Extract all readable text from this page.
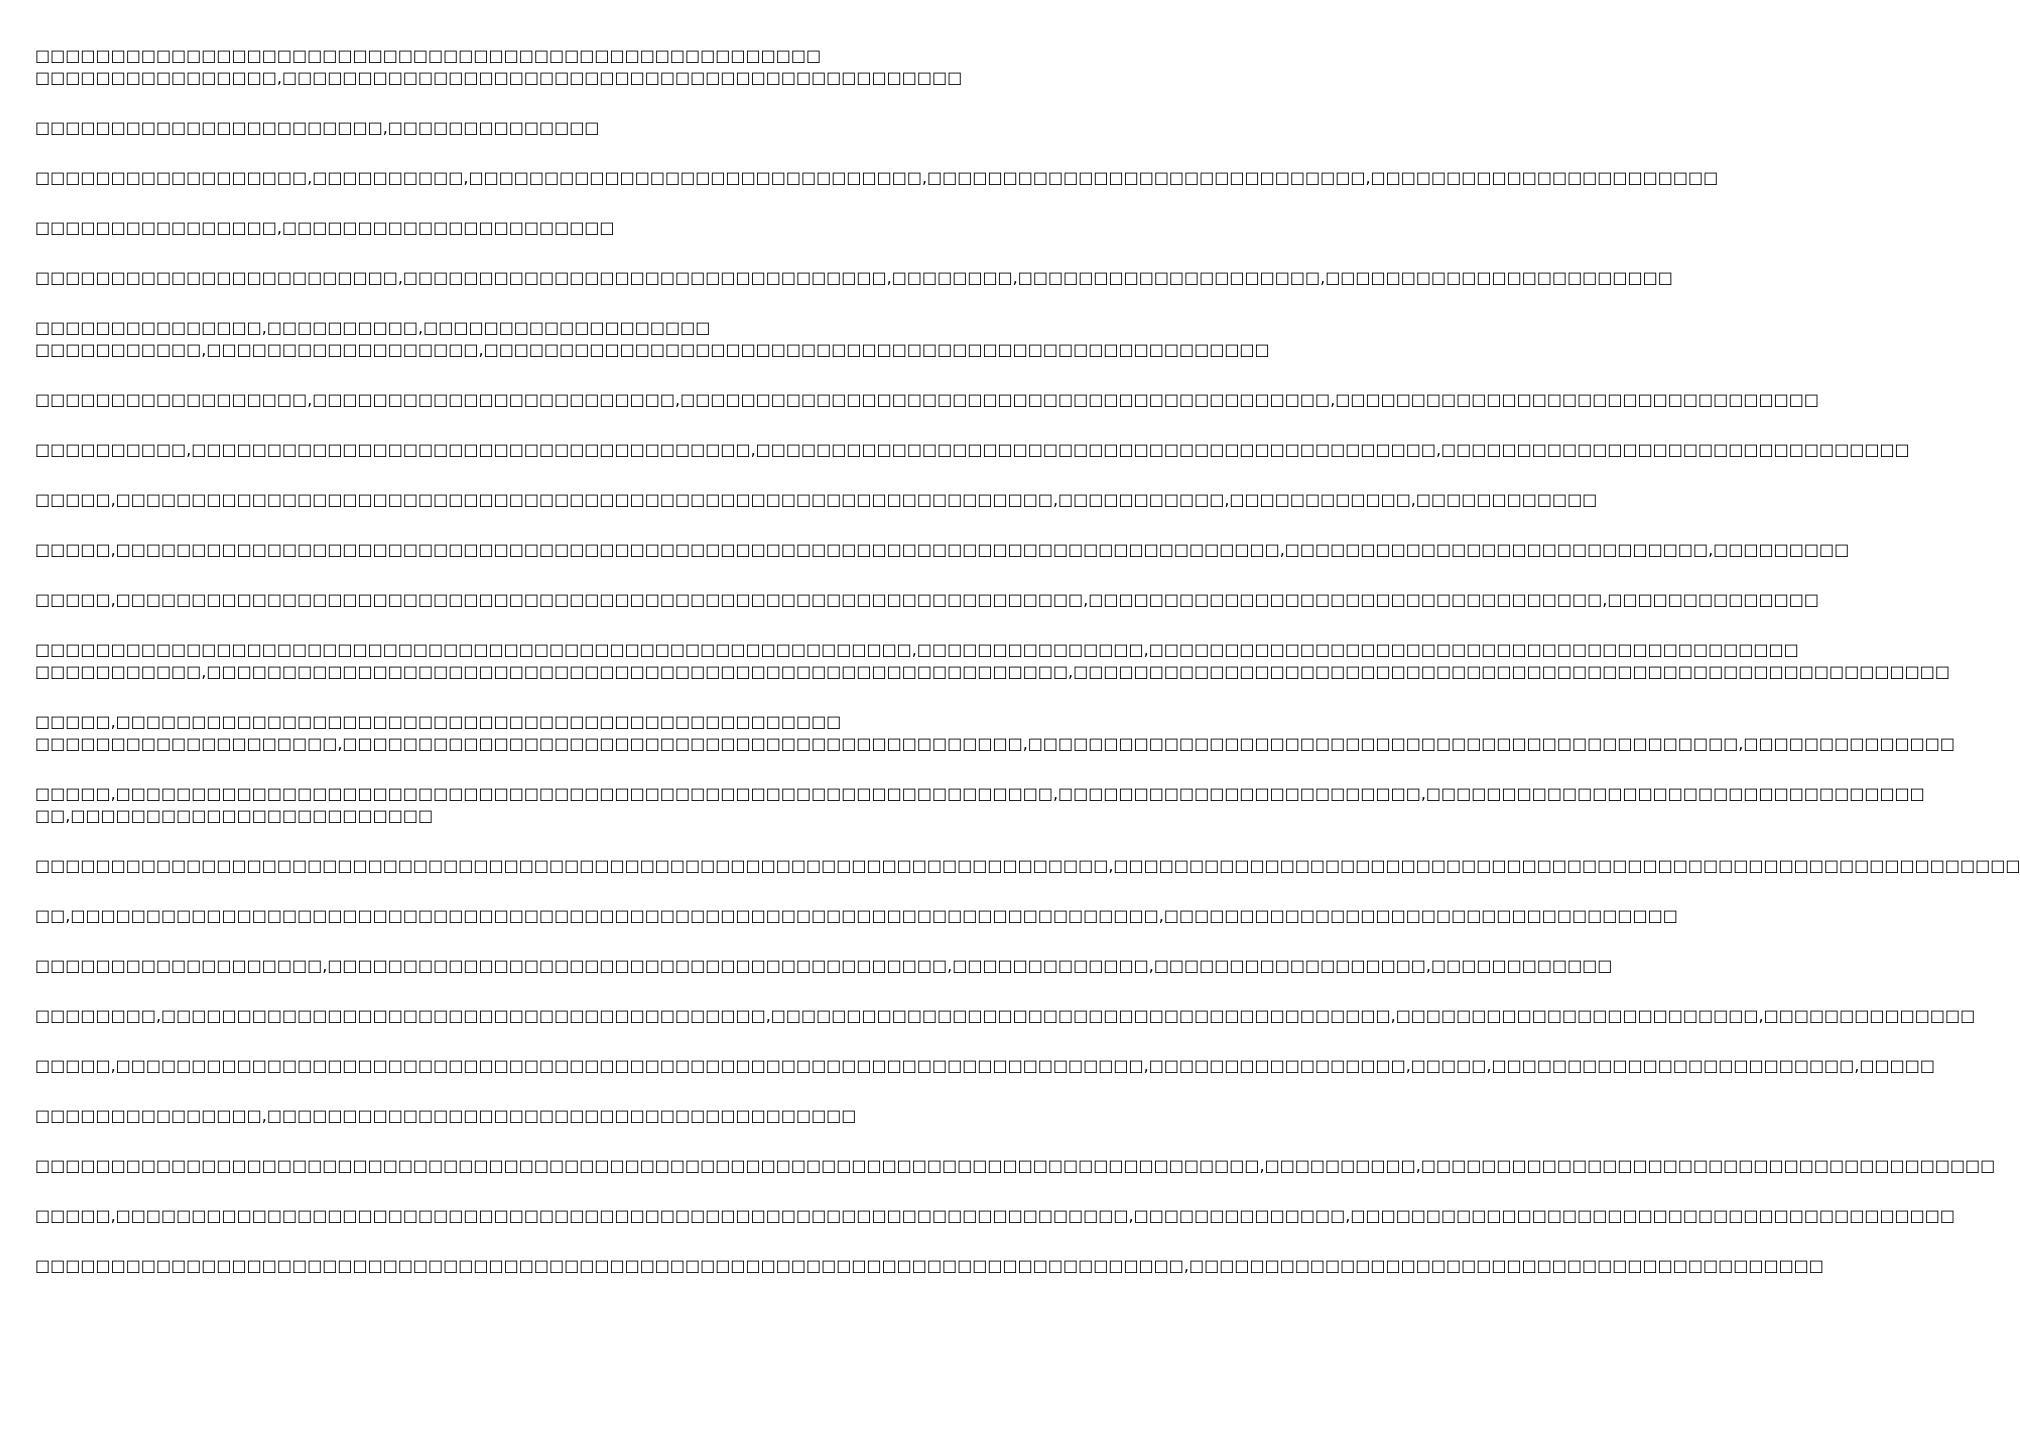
□□□□□□□□□□□□□□□□□□□□□□□□□□□□□□□□□□□□□□□□□□□□□□□□□□□□
□□□□□□□□□□□□□□□□,□□□□□□□□□□□□□□□□□□□□□□□□□□□□□□□□□□□□□□□□□□□□□
□□□□□□□□□□□□□□□□□□□□□□□,□□□□□□□□□□□□□□
□□□□□□□□□□□□□□□□□□,□□□□□□□□□□,□□□□□□□□□□□□□□□□□□□□□□□□□□□□□□,□□□□□□□□□□□□□□□□□□□□□□□□□□□□□,□□□□□□□□□□□□□□□□□□□□□□□
□□□□□□□□□□□□□□□□,□□□□□□□□□□□□□□□□□□□□□□
□□□□□□□□□□□□□□□□□□□□□□□□,□□□□□□□□□□□□□□□□□□□□□□□□□□□□□□□□,□□□□□□□□,□□□□□□□□□□□□□□□□□□□□,□□□□□□□□□□□□□□□□□□□□□□□
□□□□□□□□□□□□□□□,□□□□□□□□□□,□□□□□□□□□□□□□□□□□□□
□□□□□□□□□□□,□□□□□□□□□□□□□□□□□□,□□□□□□□□□□□□□□□□□□□□□□□□□□□□□□□□□□□□□□□□□□□□□□□□□□□□
□□□□□□□□□□□□□□□□□□,□□□□□□□□□□□□□□□□□□□□□□□□,□□□□□□□□□□□□□□□□□□□□□□□□□□□□□□□□□□□□□□□□□□□,□□□□□□□□□□□□□□□□□□□□□□□□□□□□□□□□
□□□□□□□□□□,□□□□□□□□□□□□□□□□□□□□□□□□□□□□□□□□□□□□□,□□□□□□□□□□□□□□□□□□□□□□□□□□□□□□□□□□□□□□□□□□□□□,□□□□□□□□□□□□□□□□□□□□□□□□□□□□□□□
□□□□□,□□□□□□□□□□□□□□□□□□□□□□□□□□□□□□□□□□□□□□□□□□□□□□□□□□□□□□□□□□□□□□,□□□□□□□□□□□,□□□□□□□□□□□□,□□□□□□□□□□□□
□□□□□,□□□□□□□□□□□□□□□□□□□□□□□□□□□□□□□□□□□□□□□□□□□□□□□□□□□□□□□□□□□□□□□□□□□□□□□□□□□□□,□□□□□□□□□□□□□□□□□□□□□□□□□□□□,□□□□□□□□□
□□□□□,□□□□□□□□□□□□□□□□□□□□□□□□□□□□□□□□□□□□□□□□□□□□□□□□□□□□□□□□□□□□□□□□,□□□□□□□□□□□□□□□□□□□□□□□□□□□□□□□□□□,□□□□□□□□□□□□□□
□□□□□□□□□□□□□□□□□□□□□□□□□□□□□□□□□□□□□□□□□□□□□□□□□□□□□□□□□□,□□□□□□□□□□□□□□□,□□□□□□□□□□□□□□□□□□□□□□□□□□□□□□□□□□□□□□□□□□□
□□□□□□□□□□□,□□□□□□□□□□□□□□□□□□□□□□□□□□□□□□□□□□□□□□□□□□□□□□□□□□□□□□□□□,□□□□□□□□□□□□□□□□□□□□□□□□□□□□□□□□□□□□□□□□□□□□□□□□□□□□□□□□□□
□□□□□,□□□□□□□□□□□□□□□□□□□□□□□□□□□□□□□□□□□□□□□□□□□□□□□□
□□□□□□□□□□□□□□□□□□□□,□□□□□□□□□□□□□□□□□□□□□□□□□□□□□□□□□□□□□□□□□□□□□,□□□□□□□□□□□□□□□□□□□□□□□□□□□□□□□□□□□□□□□□□□□□□□□,□□□□□□□□□□□□□□
□□□□□,□□□□□□□□□□□□□□□□□□□□□□□□□□□□□□□□□□□□□□□□□□□□□□□□□□□□□□□□□□□□□□,□□□□□□□□□□□□□□□□□□□□□□□□,□□□□□□□□□□□□□□□□□□□□□□□□□□□□□□□□□
□□,□□□□□□□□□□□□□□□□□□□□□□□□
□□□□□□□□□□□□□□□□□□□□□□□□□□□□□□□□□□□□□□□□□□□□□□□□□□□□□□□□□□□□□□□□□□□□□□□,□□□□□□□□□□□□□□□□□□□□□□□□□□□□□□□□□□□□□□□□□□□□□□□□□□□□□□□□□□□□
□□,□□□□□□□□□□□□□□□□□□□□□□□□□□□□□□□□□□□□□□□□□□□□□□□□□□□□□□□□□□□□□□□□□□□□□□□□,□□□□□□□□□□□□□□□□□□□□□□□□□□□□□□□□□□
□□□□□□□□□□□□□□□□□□□,□□□□□□□□□□□□□□□□□□□□□□□□□□□□□□□□□□□□□□□□□,□□□□□□□□□□□□□,□□□□□□□□□□□□□□□□□□,□□□□□□□□□□□□
□□□□□□□□,□□□□□□□□□□□□□□□□□□□□□□□□□□□□□□□□□□□□□□□□,□□□□□□□□□□□□□□□□□□□□□□□□□□□□□□□□□□□□□□□□□,□□□□□□□□□□□□□□□□□□□□□□□□,□□□□□□□□□□□□□□
□□□□□,□□□□□□□□□□□□□□□□□□□□□□□□□□□□□□□□□□□□□□□□□□□□□□□□□□□□□□□□□□□□□□□□□□□□,□□□□□□□□□□□□□□□□□,□□□□□,□□□□□□□□□□□□□□□□□□□□□□□□,□□□□□
□□□□□□□□□□□□□□□,□□□□□□□□□□□□□□□□□□□□□□□□□□□□□□□□□□□□□□□
□□□□□□□□□□□□□□□□□□□□□□□□□□□□□□□□□□□□□□□□□□□□□□□□□□□□□□□□□□□□□□□□□□□□□□□□□□□□□□□□□,□□□□□□□□□□,□□□□□□□□□□□□□□□□□□□□□□□□□□□□□□□□□□□□□□
□□□□□,□□□□□□□□□□□□□□□□□□□□□□□□□□□□□□□□□□□□□□□□□□□□□□□□□□□□□□□□□□□□□□□□□□□,□□□□□□□□□□□□□□,□□□□□□□□□□□□□□□□□□□□□□□□□□□□□□□□□□□□□□□□
□□□□□□□□□□□□□□□□□□□□□□□□□□□□□□□□□□□□□□□□□□□□□□□□□□□□□□□□□□□□□□□□□□□□□□□□□□□□,□□□□□□□□□□□□□□□□□□□□□□□□□□□□□□□□□□□□□□□□□□
